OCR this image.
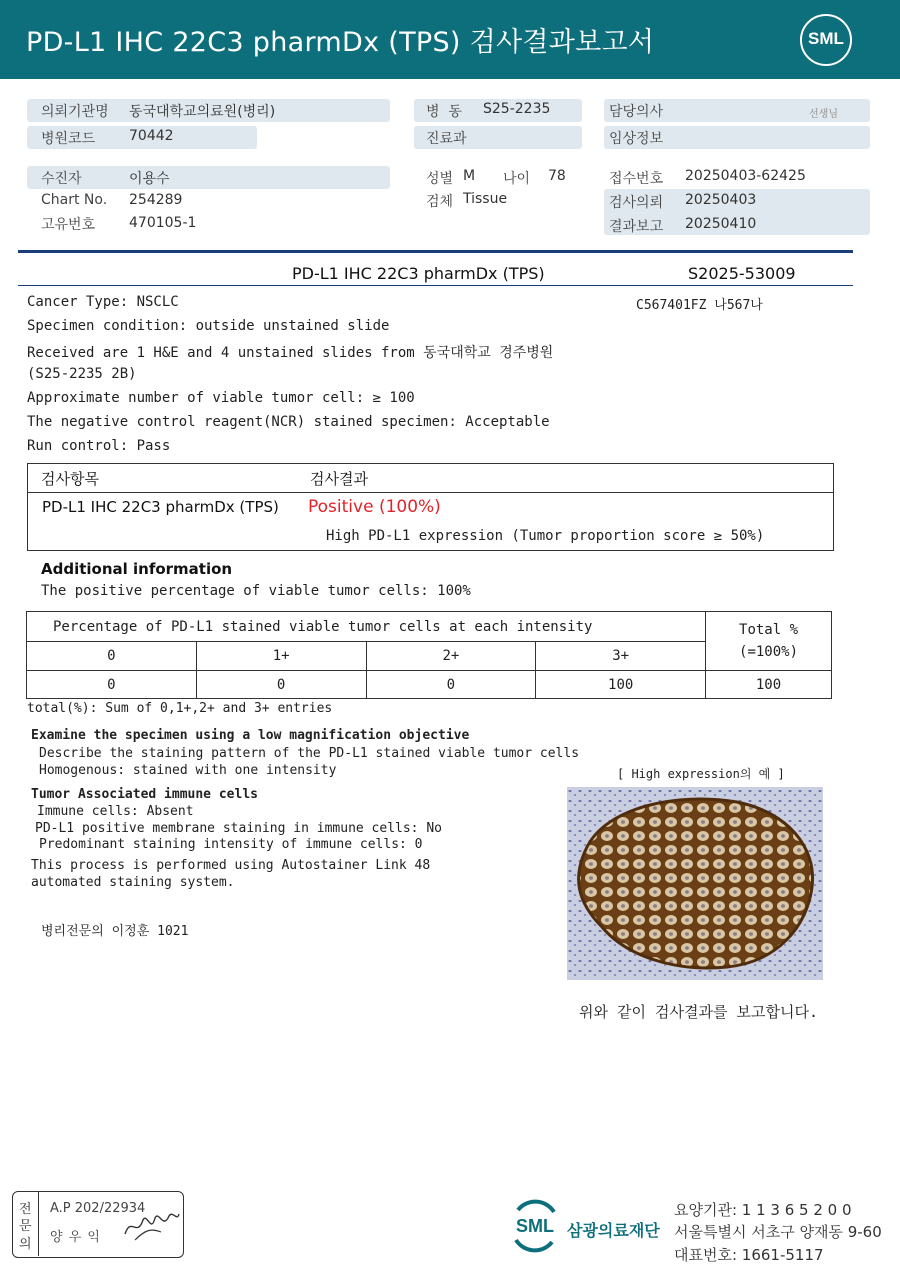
PD-L1 IHC 22C3 pharmDx (TPS) 검사결과보고서	SML
의뢰기관명 동국대학교의료원(병리)	병  동 S25-2235	담당의사	선생님
병원코드 70442	진료과	임상정보
수진자	이용수	성별 M 나이 78	접수번호 20250403-62425
Chart No. 254289	검체 Tissue	검사의뢰 20250403
고유번호 470105-1	결과보고 20250410
PD-L1 IHC 22C3 pharmDx (TPS)	S2025-53009
Cancer Type: NSCLC	C567401FZ 나567나
Specimen condition: outside unstained slide
Received are 1 H&E and 4 unstained slides from 동국대학교 경주병원
(S25-2235 2B)
Approximate number of viable tumor cell: ≥ 100
The negative control reagent(NCR) stained specimen: Acceptable
Run control: Pass
검사항목	검사결과
PD-L1 IHC 22C3 pharmDx (TPS) Positive (100%)
High PD-L1 expression (Tumor proportion score ≥ 50%)
Additional information
The positive percentage of viable tumor cells: 100%
Percentage of PD-L1 stained viable tumor cells at each intensity				Total %
(=100%)

0	1+	2+	3+	
0	0	0	100	100
total(%): Sum of 0,1+,2+ and 3+ entries
Examine the specimen using a low magnification objective
Describe the staining pattern of the PD-L1 stained viable tumor cells
Homogenous: stained with one intensity	[ High expression의 예 ]
Tumor Associated immune cells
Immune cells: Absent
PD-L1 positive membrane staining in immune cells: No
Predominant staining intensity of immune cells: 0
This process is performed using Autostainer Link 48
automated staining system.
병리전문의 이정훈 1021
위와 같이 검사결과를 보고합니다.
전
문
의
A.P 202/22934
양 우 익
SML 삼광의료재단
요양기관: 1 1 3 6 5 2 0 0
서울특별시 서초구 양재동 9-60
대표번호: 1661-5117
